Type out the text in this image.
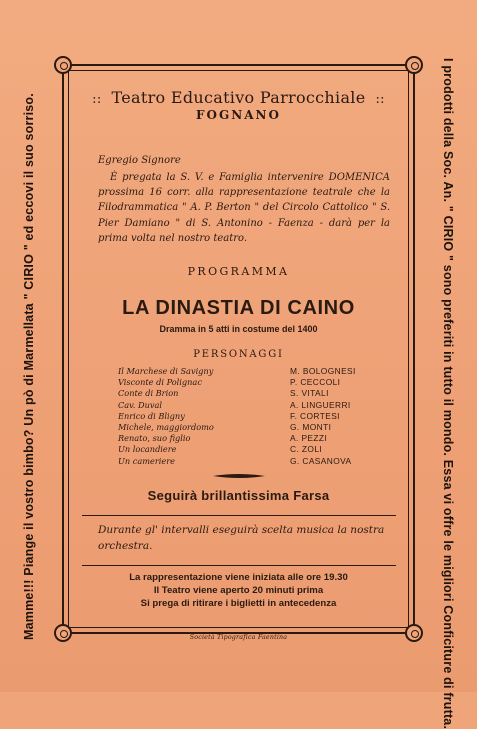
Mamme!!! Piange il vostro bimbo? Un pò di Marmellata " CIRIO " ed eccovi il suo sorriso.	I prodotti della Soc. An. " CIRIO " sono preferiti in tutto il mondo. Essa vi offre le migliori Conficiture di frutta.
:: Teatro Educativo Parrocchiale ::
FOGNANO
Egregio Signore
È pregata la S. V. e Famiglia intervenire DOMENICA prossima 16 corr. alla rappresentazione teatrale che la Filodrammatica " A. P. Berton " del Circolo Cattolico " S. Pier Damiano " di S. Antonino - Faenza - darà per la prima volta nel nostro teatro.
PROGRAMMA
LA DINASTIA DI CAINO
Dramma in 5 atti in costume del 1400
PERSONAGGI
Il Marchese di Savigny	M. BOLOGNESI
Visconte di Polignac	P. CECCOLI
Conte di Brion	S. VITALI
Cav. Duval	A. LINGUERRI
Enrico di Bligny	F. CORTESI
Michele, maggiordomo	G. MONTI
Renato, suo figlio	A. PEZZI
Un locandiere	C. ZOLI
Un cameriere	G. CASANOVA
Seguirà brillantissima Farsa
Durante gl' intervalli eseguirà scelta musica la nostra orchestra.
La rappresentazione viene iniziata alle ore 19.30
Il Teatro viene aperto 20 minuti prima
Si prega di ritirare i biglietti in antecedenza
Società Tipografica Faentina
